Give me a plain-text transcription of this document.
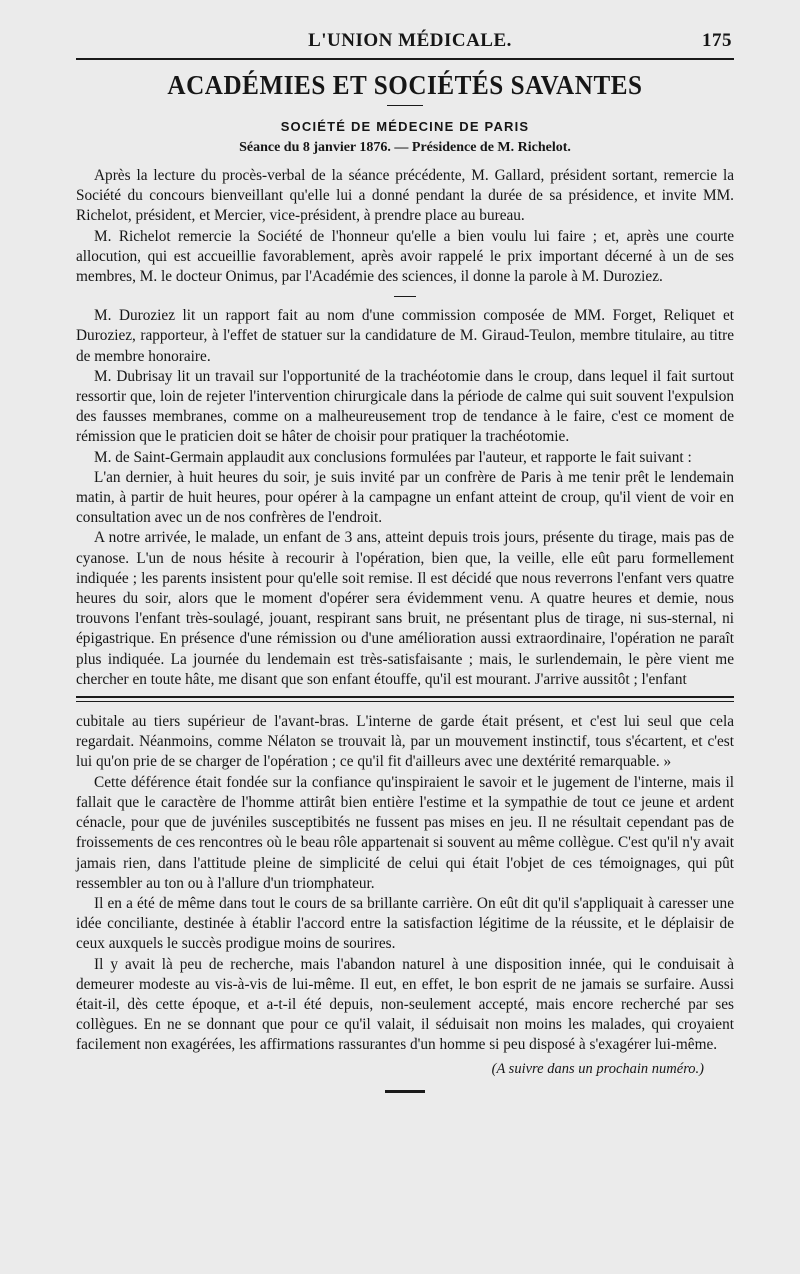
L'UNION MÉDICALE.	175
ACADÉMIES ET SOCIÉTÉS SAVANTES
SOCIÉTÉ DE MÉDECINE DE PARIS
Séance du 8 janvier 1876. — Présidence de M. Richelot.

Après la lecture du procès-verbal de la séance précédente, M. Gallard, président sortant, remercie la Société du concours bienveillant qu'elle lui a donné pendant la durée de sa présidence, et invite MM. Richelot, président, et Mercier, vice-président, à prendre place au bureau.

M. Richelot remercie la Société de l'honneur qu'elle a bien voulu lui faire ; et, après une courte allocution, qui est accueillie favorablement, après avoir rappelé le prix important décerné à un de ses membres, M. le docteur Onimus, par l'Académie des sciences, il donne la parole à M. Duroziez.

M. Duroziez lit un rapport fait au nom d'une commission composée de MM. Forget, Reliquet et Duroziez, rapporteur, à l'effet de statuer sur la candidature de M. Giraud-Teulon, membre titulaire, au titre de membre honoraire.

M. Dubrisay lit un travail sur l'opportunité de la trachéotomie dans le croup, dans lequel il fait surtout ressortir que, loin de rejeter l'intervention chirurgicale dans la période de calme qui suit souvent l'expulsion des fausses membranes, comme on a malheureusement trop de tendance à le faire, c'est ce moment de rémission que le praticien doit se hâter de choisir pour pratiquer la trachéotomie.

M. de Saint-Germain applaudit aux conclusions formulées par l'auteur, et rapporte le fait suivant :

L'an dernier, à huit heures du soir, je suis invité par un confrère de Paris à me tenir prêt le lendemain matin, à partir de huit heures, pour opérer à la campagne un enfant atteint de croup, qu'il vient de voir en consultation avec un de nos confrères de l'endroit.

A notre arrivée, le malade, un enfant de 3 ans, atteint depuis trois jours, présente du tirage, mais pas de cyanose. L'un de nous hésite à recourir à l'opération, bien que, la veille, elle eût paru formellement indiquée ; les parents insistent pour qu'elle soit remise. Il est décidé que nous reverrons l'enfant vers quatre heures du soir, alors que le moment d'opérer sera évidemment venu. A quatre heures et demie, nous trouvons l'enfant très-soulagé, jouant, respirant sans bruit, ne présentant plus de tirage, ni sus-sternal, ni épigastrique. En présence d'une rémission ou d'une amélioration aussi extraordinaire, l'opération ne paraît plus indiquée. La journée du lendemain est très-satisfaisante ; mais, le surlendemain, le père vient me chercher en toute hâte, me disant que son enfant étouffe, qu'il est mourant. J'arrive aussitôt ; l'enfant

cubitale au tiers supérieur de l'avant-bras. L'interne de garde était présent, et c'est lui seul que cela regardait. Néanmoins, comme Nélaton se trouvait là, par un mouvement instinctif, tous s'écartent, et c'est lui qu'on prie de se charger de l'opération ; ce qu'il fit d'ailleurs avec une dextérité remarquable. »

Cette déférence était fondée sur la confiance qu'inspiraient le savoir et le jugement de l'interne, mais il fallait que le caractère de l'homme attirât bien entière l'estime et la sympathie de tout ce jeune et ardent cénacle, pour que de juvéniles susceptibités ne fussent pas mises en jeu. Il ne résultait cependant pas de froissements de ces rencontres où le beau rôle appartenait si souvent au même collègue. C'est qu'il n'y avait jamais rien, dans l'attitude pleine de simplicité de celui qui était l'objet de ces témoignages, qui pût ressembler au ton ou à l'allure d'un triomphateur.

Il en a été de même dans tout le cours de sa brillante carrière. On eût dit qu'il s'appliquait à caresser une idée conciliante, destinée à établir l'accord entre la satisfaction légitime de la réussite, et le déplaisir de ceux auxquels le succès prodigue moins de sourires.

Il y avait là peu de recherche, mais l'abandon naturel à une disposition innée, qui le conduisait à demeurer modeste au vis-à-vis de lui-même. Il eut, en effet, le bon esprit de ne jamais se surfaire. Aussi était-il, dès cette époque, et a-t-il été depuis, non-seulement accepté, mais encore recherché par ses collègues. En ne se donnant que pour ce qu'il valait, il séduisait non moins les malades, qui croyaient facilement non exagérées, les affirmations rassurantes d'un homme si peu disposé à s'exagérer lui-même.

(A suivre dans un prochain numéro.)
